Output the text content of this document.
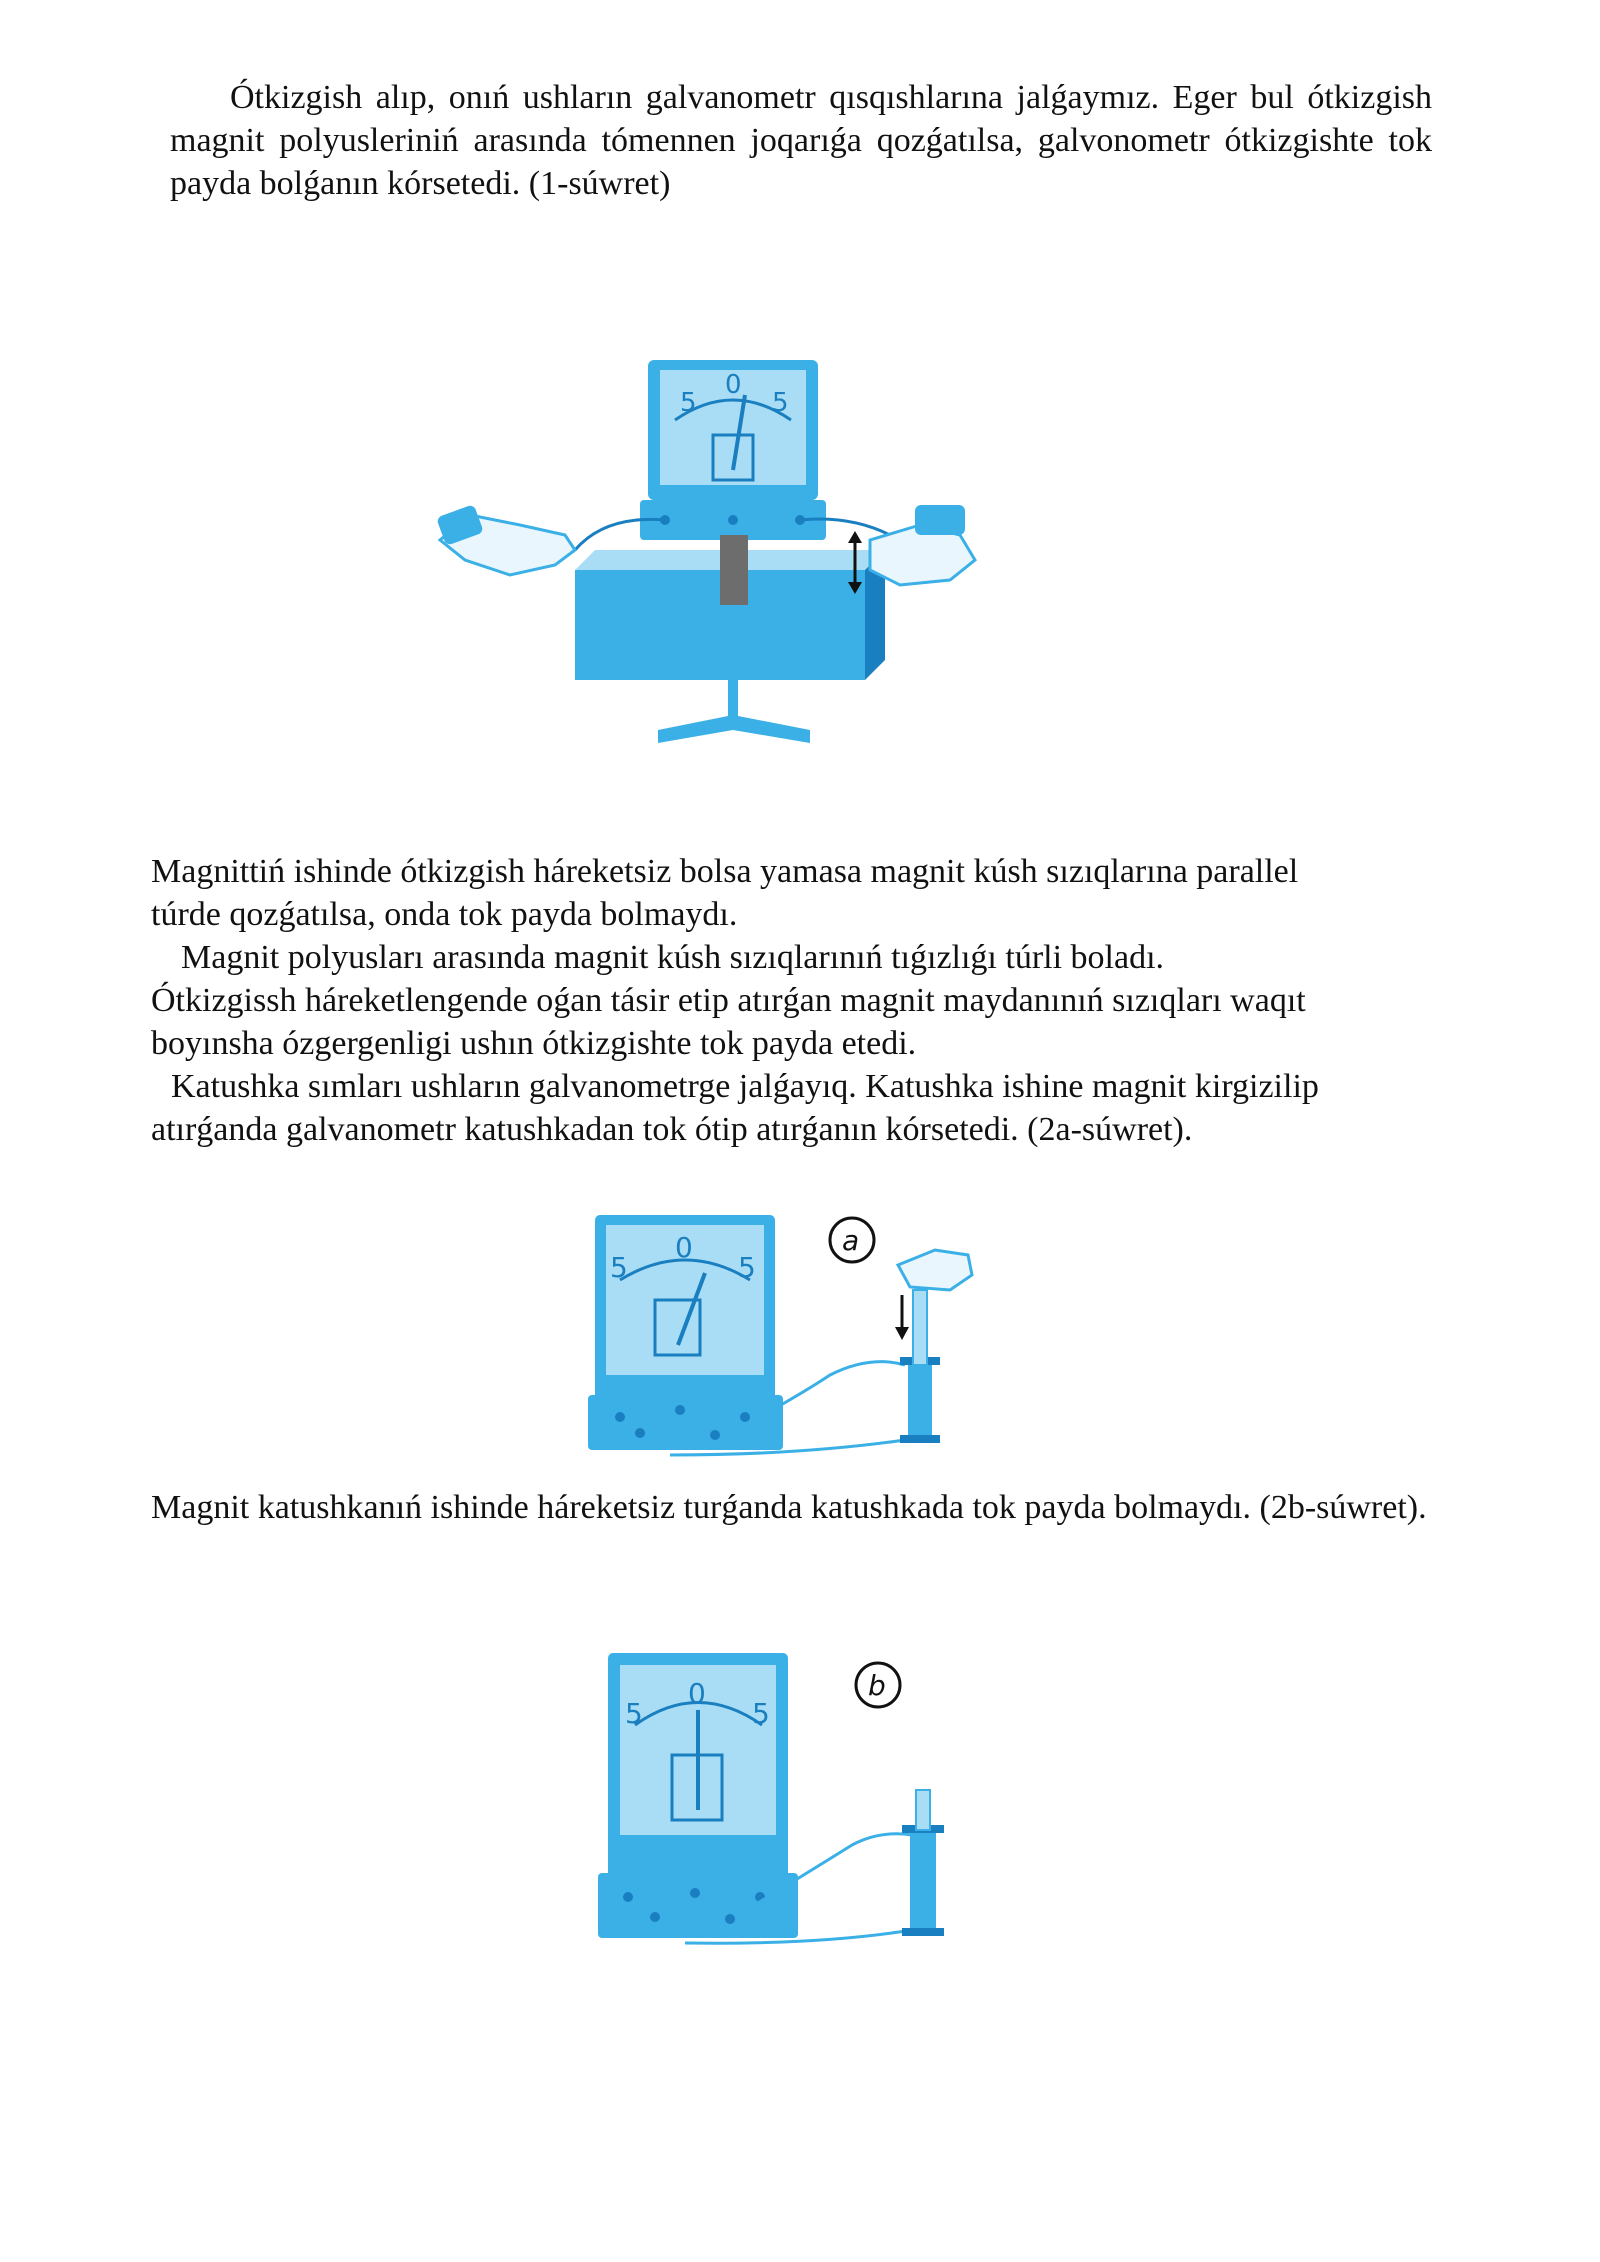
Ótkizgish alıp, onıń ushların galvanometr qısqıshlarına jalǵaymız. Eger bul ótkizgish magnit polyusleriniń arasında tómennen joqarıǵa qozǵatılsa, galvonometr ótkizgishte tok payda bolǵanın kórsetedi. (1-súwret)

5
0
5
Magnittiń ishinde ótkizgish háreketsiz bolsa yamasa magnit kúsh sızıqlarına parallel
túrde qozǵatılsa, onda tok payda bolmaydı.
Magnit polyusları arasında magnit kúsh sızıqlarınıń tıǵızlıǵı túrli boladı.
Ótkizgissh háreketlengende oǵan tásir etip atırǵan magnit maydanınıń sızıqları waqıt
boyınsha ózgergenligi ushın ótkizgishte tok payda etedi.
Katushka sımları ushların galvanometrge jalǵayıq. Katushka ishine magnit kirgizilip
atırǵanda galvanometr katushkadan tok ótip atırǵanın kórsetedi. (2a-súwret).
5
0
5
a

Magnit katushkanıń ishinde háreketsiz turǵanda katushkada tok payda bolmaydı. (2b-súwret).

5
0
5
b
